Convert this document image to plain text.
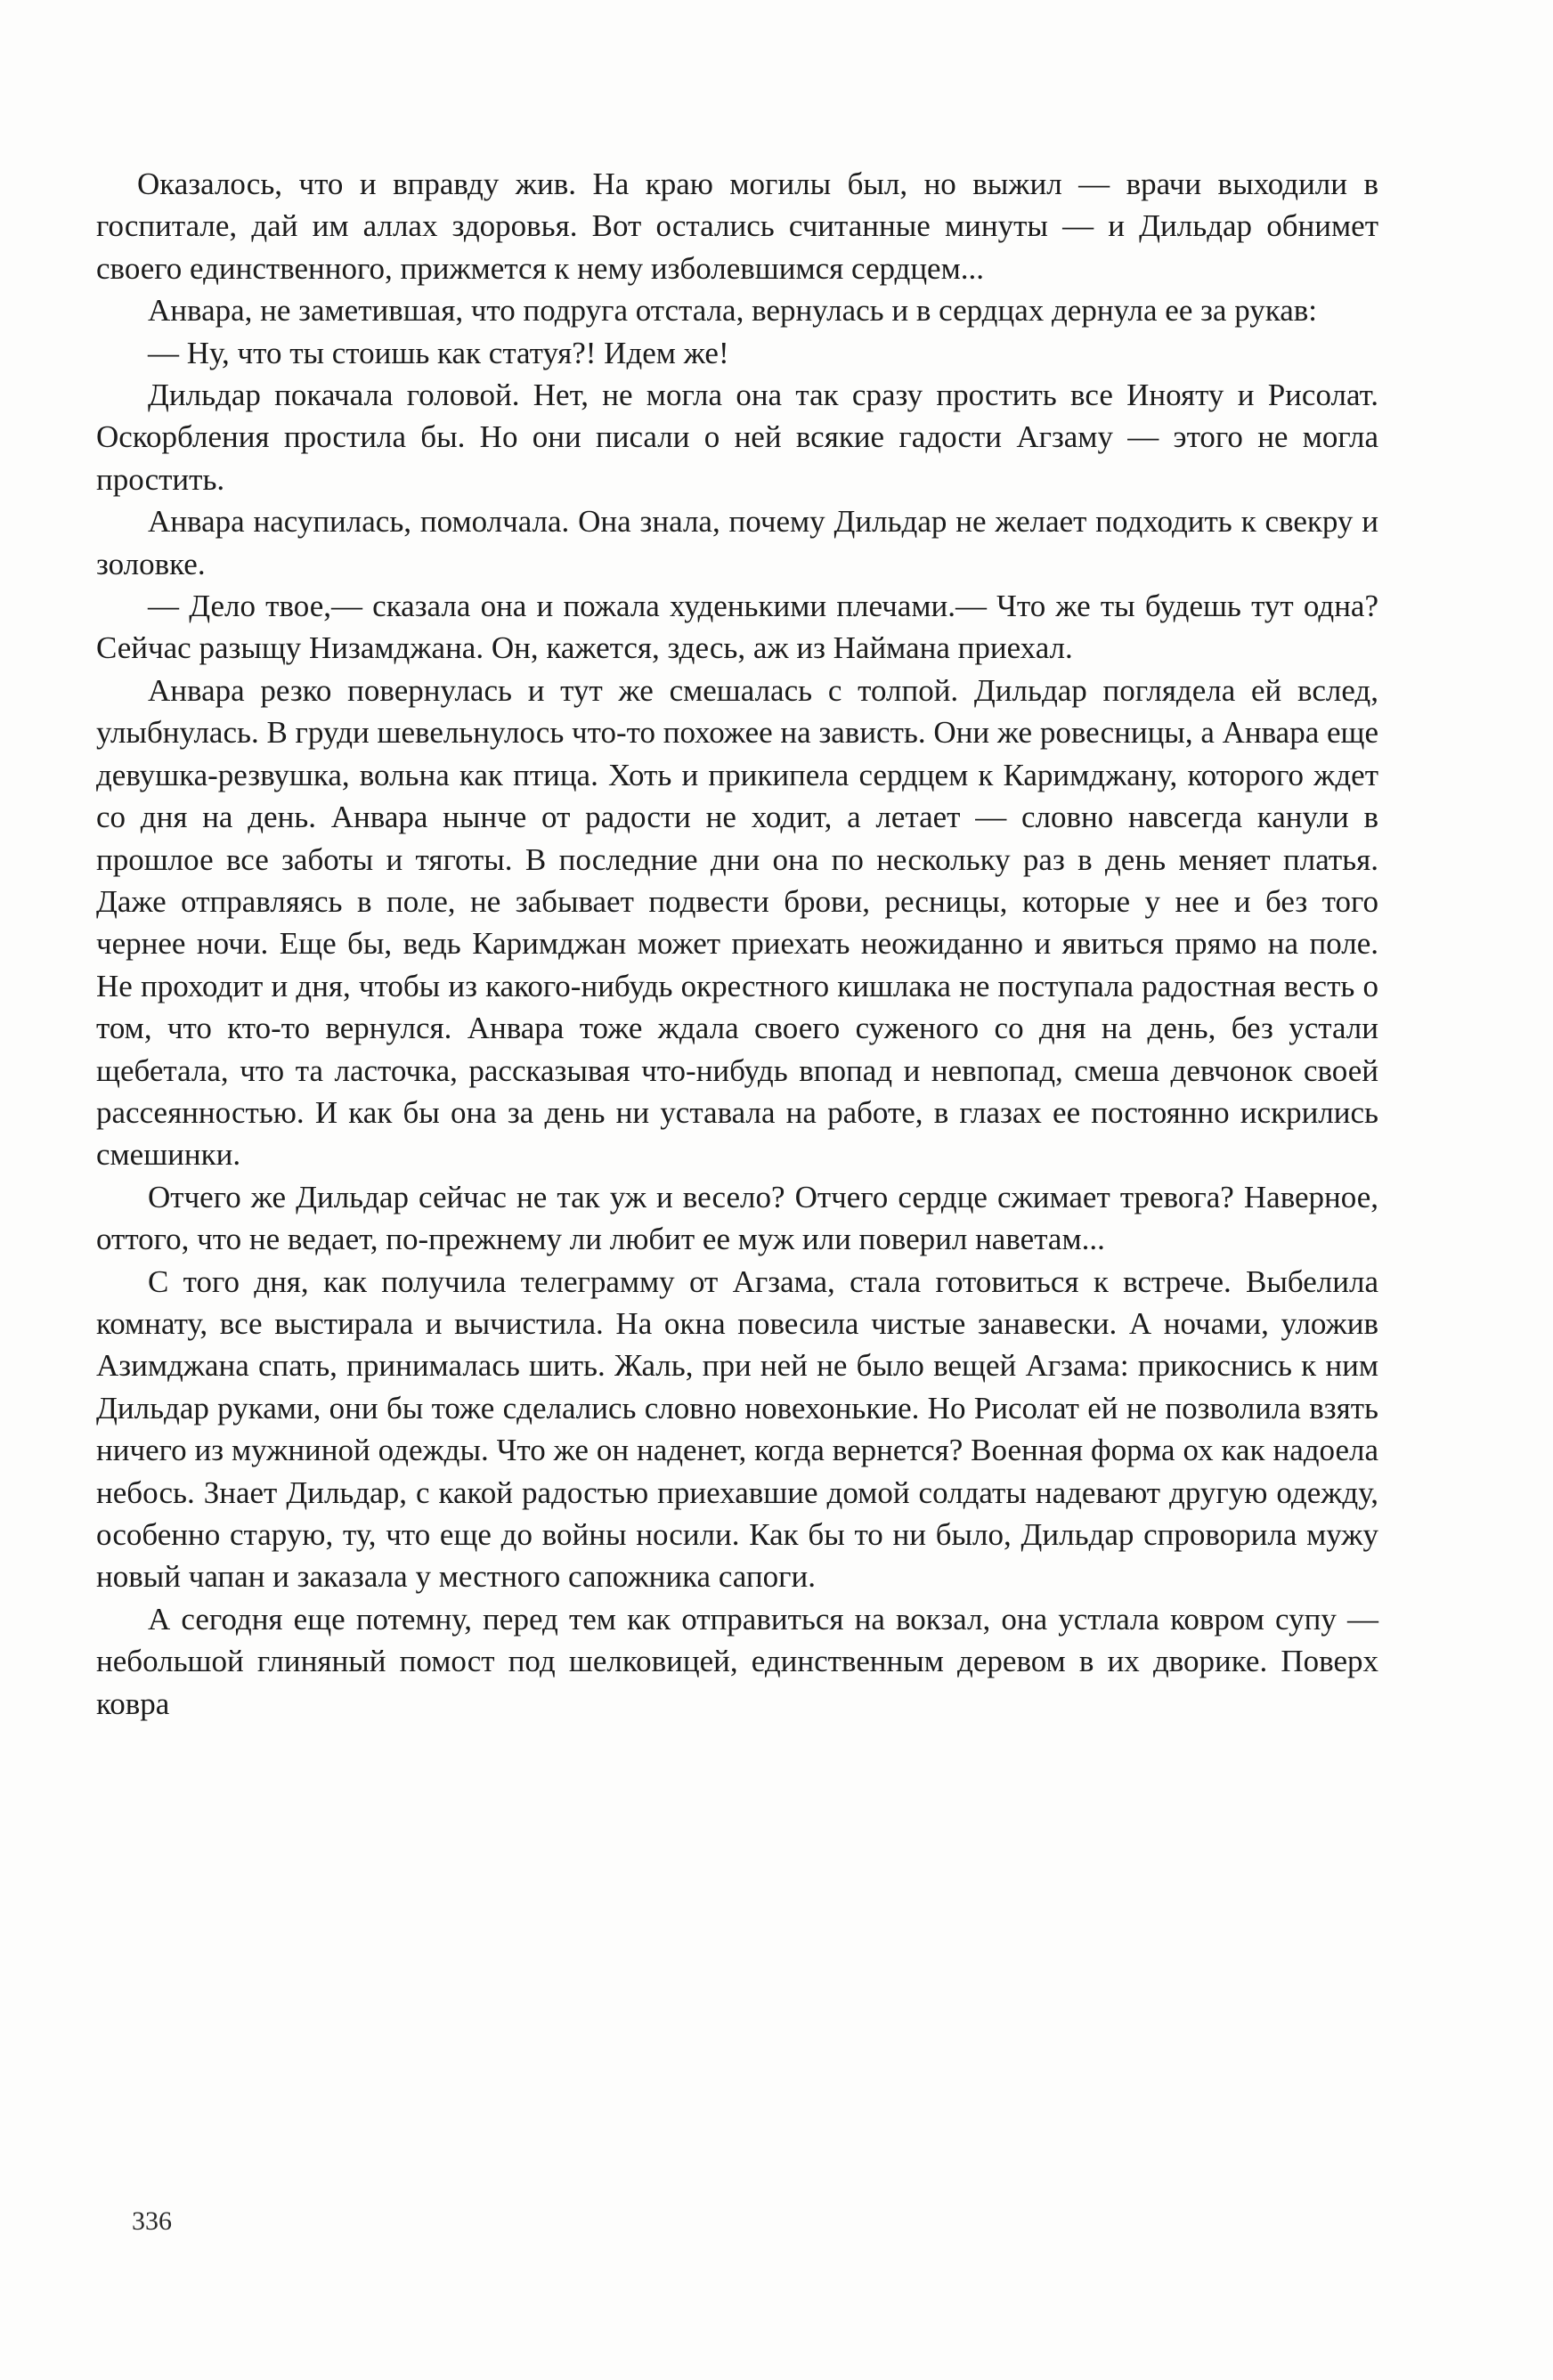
Оказалось, что и вправду жив. На краю могилы был, но выжил — врачи выходили в госпитале, дай им аллах здоровья. Вот остались считанные минуты — и Дильдар обнимет своего единственного, прижмется к нему изболевшимся сердцем...

Анвара, не заметившая, что подруга отстала, вернулась и в сердцах дернула ее за рукав:

— Ну, что ты стоишь как статуя?! Идем же!

Дильдар покачала головой. Нет, не могла она так сразу простить все Инояту и Рисолат. Оскорбления простила бы. Но они писали о ней всякие гадости Агзаму — этого не могла простить.

Анвара насупилась, помолчала. Она знала, почему Дильдар не желает подходить к свекру и золовке.

— Дело твое,— сказала она и пожала худенькими плечами.— Что же ты будешь тут одна? Сейчас разыщу Низамджана. Он, кажется, здесь, аж из Наймана приехал.

Анвара резко повернулась и тут же смешалась с толпой. Дильдар поглядела ей вслед, улыбнулась. В груди шевельнулось что-то похожее на зависть. Они же ровесницы, а Анвара еще девушка-резвушка, вольна как птица. Хоть и прикипела сердцем к Каримджану, которого ждет со дня на день. Анвара нынче от радости не ходит, а летает — словно навсегда канули в прошлое все заботы и тяготы. В последние дни она по нескольку раз в день меняет платья. Даже отправляясь в поле, не забывает подвести брови, ресницы, которые у нее и без того чернее ночи. Еще бы, ведь Каримджан может приехать неожиданно и явиться прямо на поле. Не проходит и дня, чтобы из какого-нибудь окрестного кишлака не поступала радостная весть о том, что кто-то вернулся. Анвара тоже ждала своего суженого со дня на день, без устали щебетала, что та ласточка, рассказывая что-нибудь впопад и невпопад, смеша девчонок своей рассеянностью. И как бы она за день ни уставала на работе, в глазах ее постоянно искрились смешинки.

Отчего же Дильдар сейчас не так уж и весело? Отчего сердце сжимает тревога? Наверное, оттого, что не ведает, по-прежнему ли любит ее муж или поверил наветам...

С того дня, как получила телеграмму от Агзама, стала готовиться к встрече. Выбелила комнату, все выстирала и вычистила. На окна повесила чистые занавески. А ночами, уложив Азимджана спать, принималась шить. Жаль, при ней не было вещей Агзама: прикоснись к ним Дильдар руками, они бы тоже сделались словно новехонькие. Но Рисолат ей не позволила взять ничего из мужниной одежды. Что же он наденет, когда вернется? Военная форма ох как надоела небось. Знает Дильдар, с какой радостью приехавшие домой солдаты надевают другую одежду, особенно старую, ту, что еще до войны носили. Как бы то ни было, Дильдар спроворила мужу новый чапан и заказала у местного сапожника сапоги.

А сегодня еще потемну, перед тем как отправиться на вокзал, она устлала ковром супу — небольшой глиняный помост под шелковицей, единственным деревом в их дворике. Поверх ковра

336
